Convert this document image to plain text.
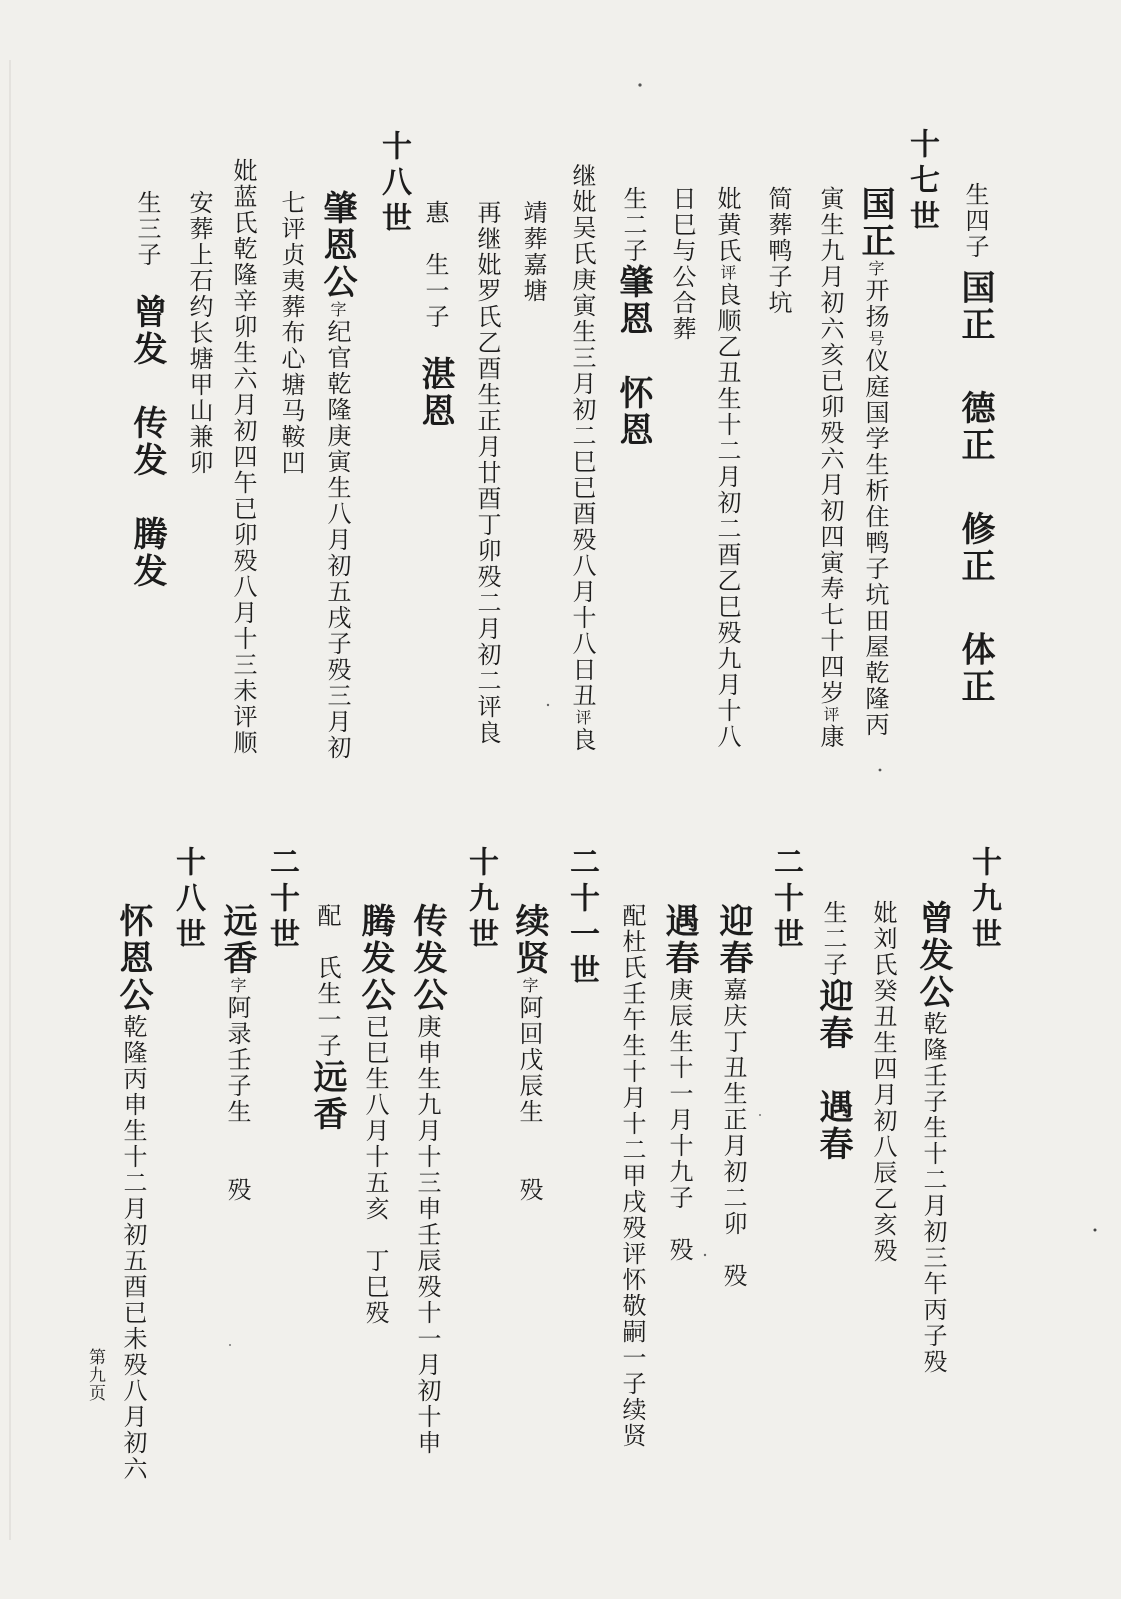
生四子 国正　 德正　 修正　 体正
十七世
国正字开扬号仪庭国学生析住鸭子坑田屋乾隆丙
寅生九月初六亥已卯殁六月初四寅寿七十四岁评康
简葬鸭子坑
妣黄氏评良顺乙丑生十二月初二酉乙巳殁九月十八
日巳与公合葬
生二子肇恩　怀恩
继妣吴氏庚寅生三月初二巳已酉殁八月十八日丑评良
靖葬嘉塘
再继妣罗氏乙酉生正月廿酉丁卯殁二月初二评良
惠　生一子　湛恩
十八世
肇恩公字纪官乾隆庚寅生八月初五戌子殁三月初
七评贞夷葬布心塘马鞍凹
妣蓝氏乾隆辛卯生六月初四午已卯殁八月十三未评顺
安葬上石约长塘甲山兼卯
生三子　曾发　传发　腾发
十九世
曾发公乾隆壬子生十二月初三午丙子殁
妣刘氏癸丑生四月初八辰乙亥殁
生二子迎春　遇春
二十世
迎春嘉庆丁丑生正月初二卯　殁
遇春庚辰生十一月十九子　殁
配杜氏壬午生十月十二甲戌殁评怀敬嗣一子续贤
二十一世
续贤字阿回戊辰生　　殁
十九世
传发公庚申生九月十三申壬辰殁十一月初十申
腾发公已巳生八月十五亥　丁巳殁
配　氏生一子远香
二十世
远香字阿录壬子生　　殁
十八世
怀恩公乾隆丙申生十二月初五酉已未殁八月初六
第九页
